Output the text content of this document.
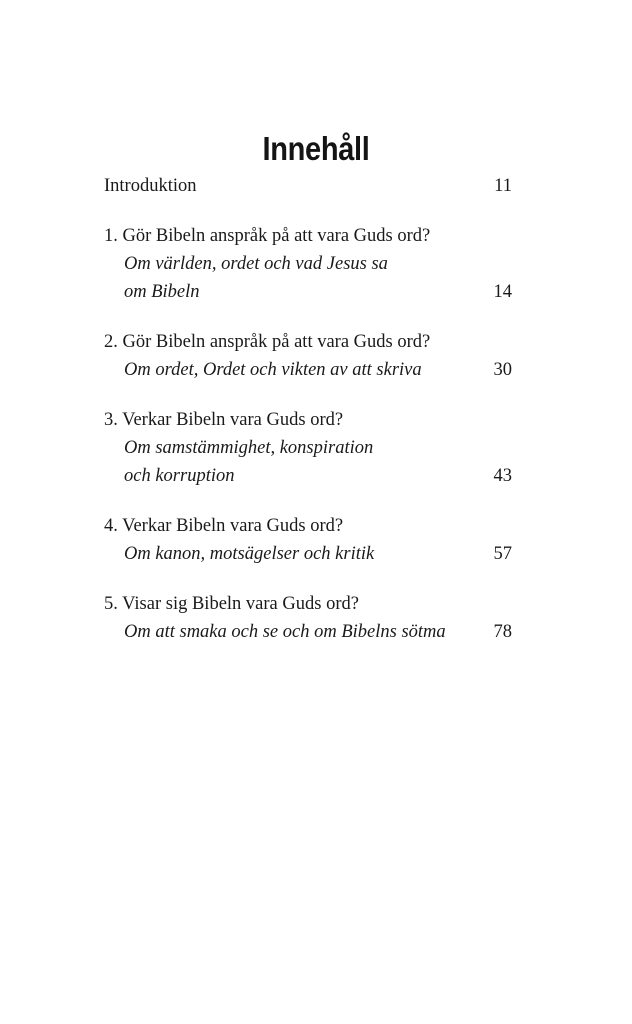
Innehåll
Introduktion	11
1. Gör Bibeln anspråk på att vara Guds ord?
Om världen, ordet och vad Jesus sa
om Bibeln	14
2. Gör Bibeln anspråk på att vara Guds ord?
Om ordet, Ordet och vikten av att skriva	30
3. Verkar Bibeln vara Guds ord?
Om samstämmighet, konspiration
och korruption	43
4. Verkar Bibeln vara Guds ord?
Om kanon, motsägelser och kritik	57
5. Visar sig Bibeln vara Guds ord?
Om att smaka och se och om Bibelns sötma	78
